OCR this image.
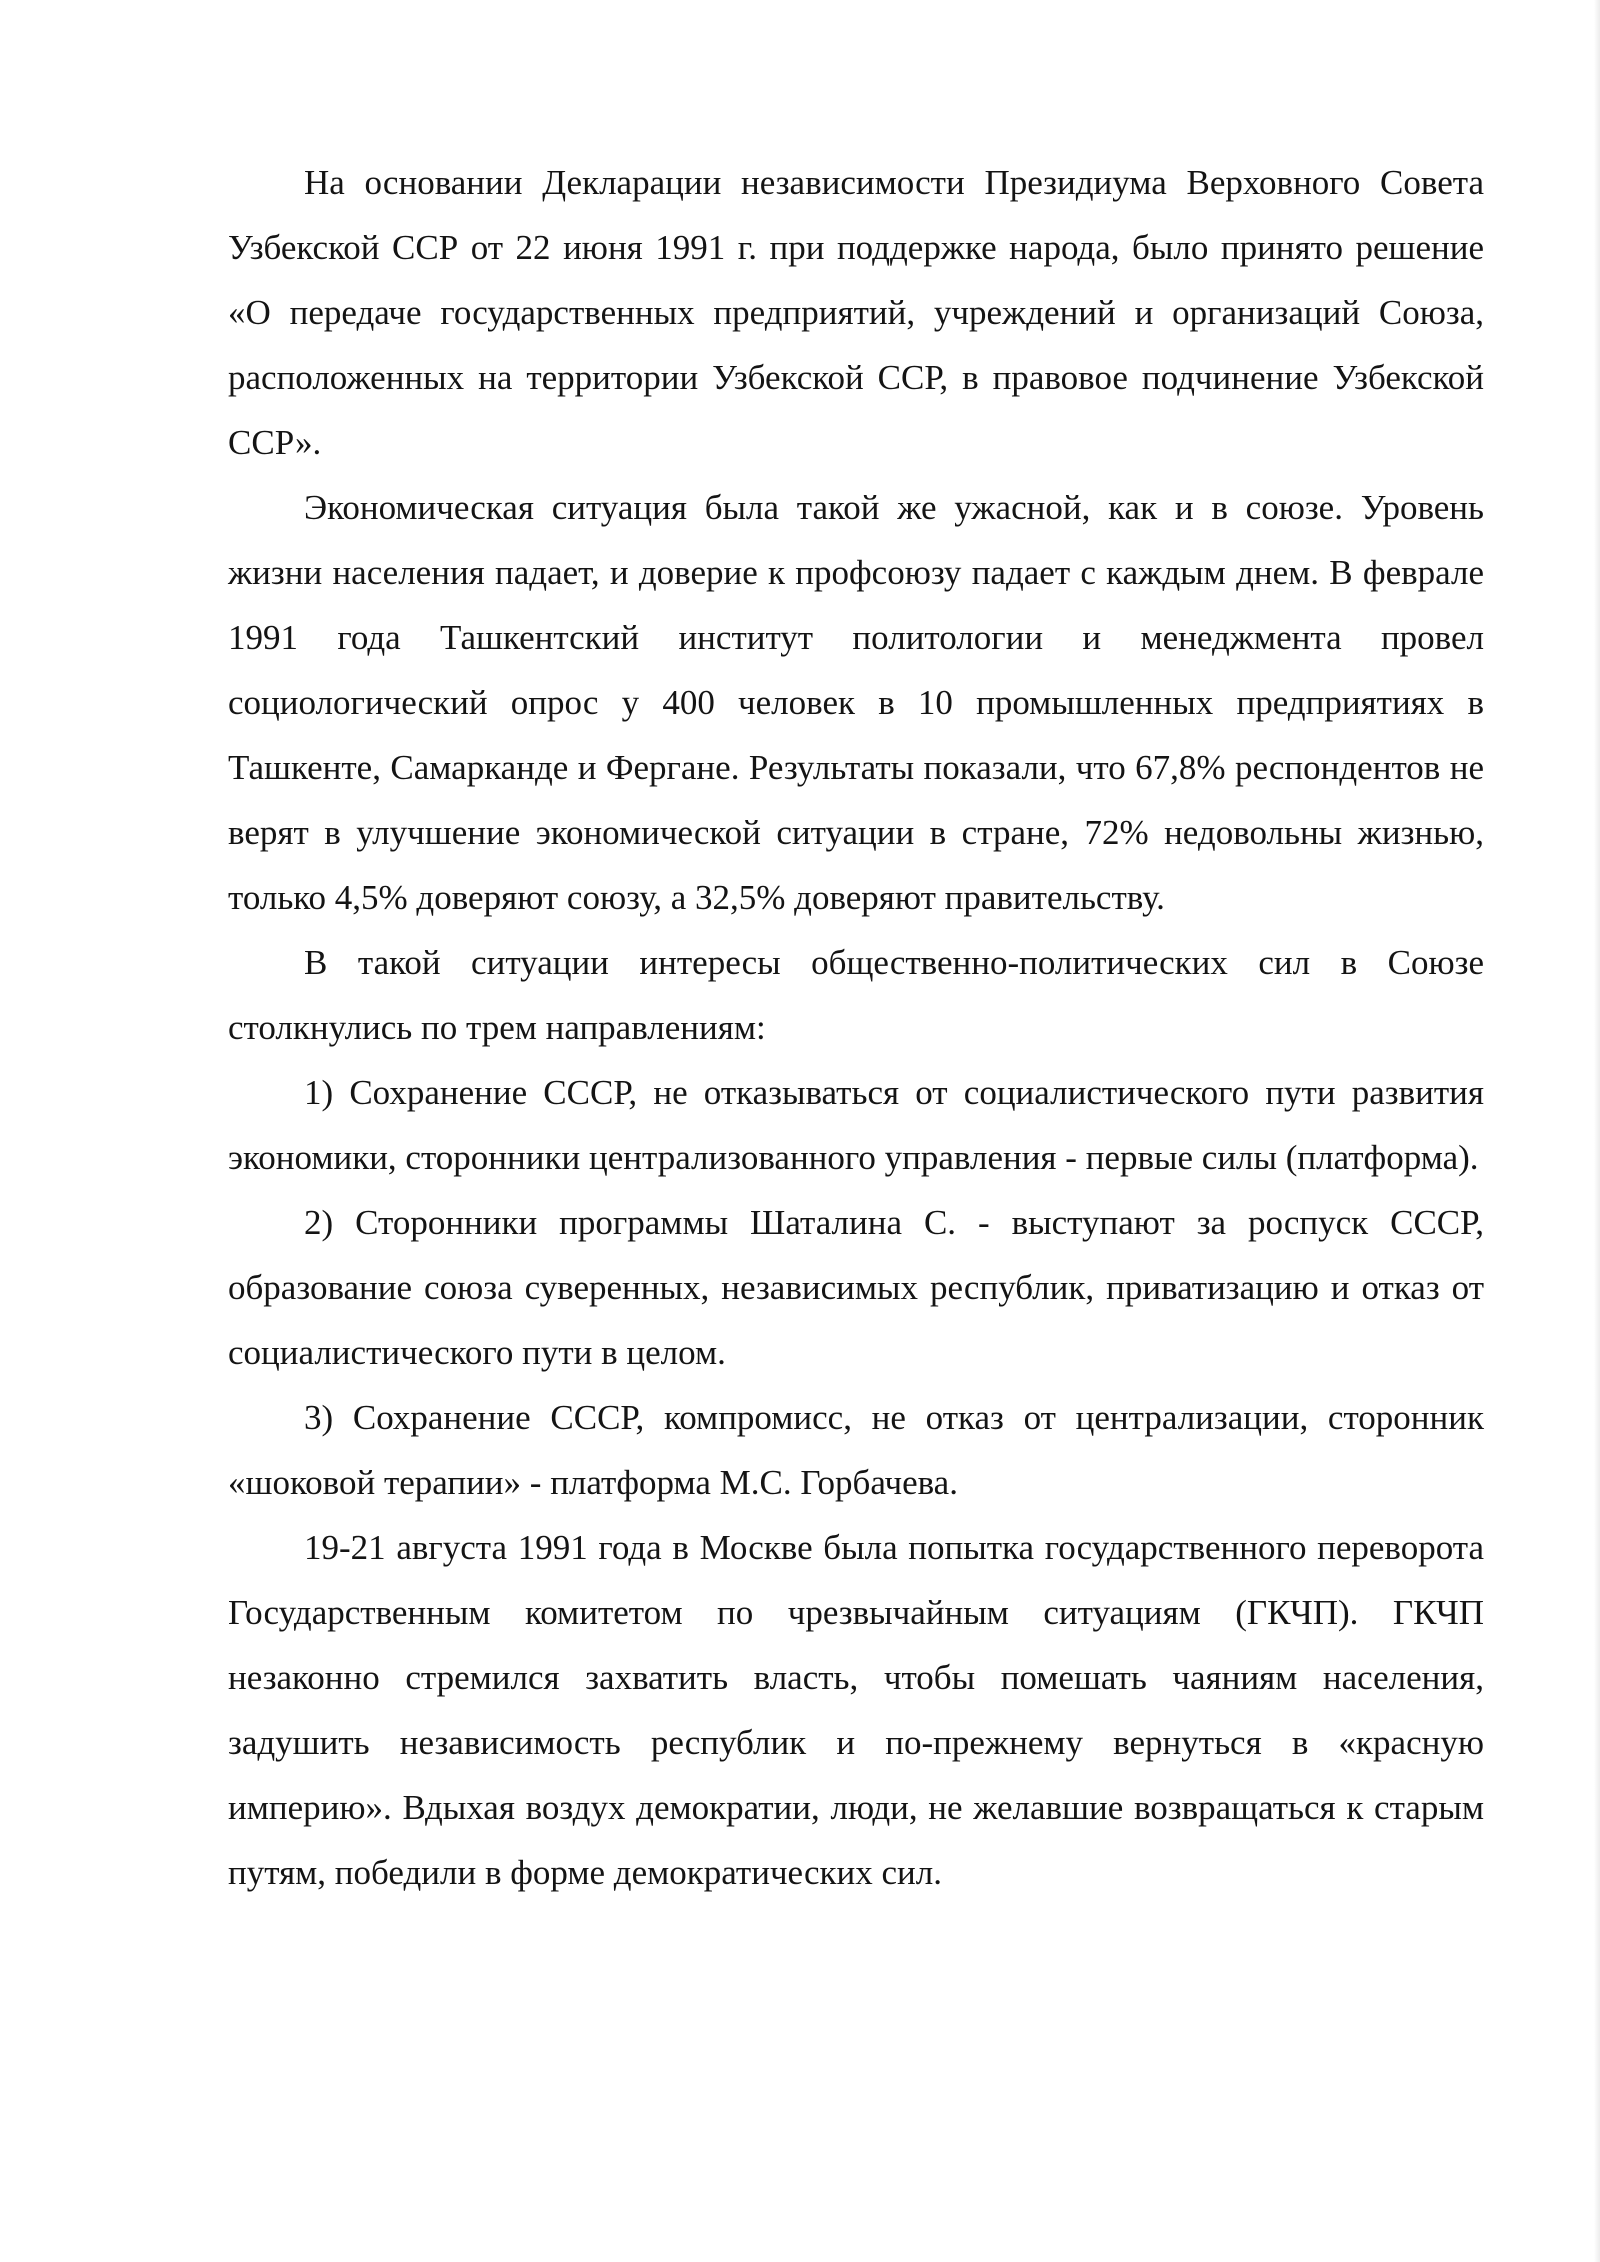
На основании Декларации независимости Президиума Верховного Совета Узбекской ССР от 22 июня 1991 г. при поддержке народа, было принято решение «О передаче государственных предприятий, учреждений и организаций Союза, расположенных на территории Узбекской ССР, в правовое подчинение Узбекской ССР».

Экономическая ситуация была такой же ужасной, как и в союзе. Уровень жизни населения падает, и доверие к профсоюзу падает с каждым днем. В феврале 1991 года Ташкентский институт политологии и менеджмента провел социологический опрос у 400 человек в 10 промышленных предприятиях в Ташкенте, Самарканде и Фергане. Результаты показали, что 67,8% респондентов не верят в улучшение экономической ситуации в стране, 72% недовольны жизнью, только 4,5% доверяют союзу, а 32,5% доверяют правительству.

В такой ситуации интересы общественно-политических сил в Союзе столкнулись по трем направлениям:

1) Сохранение СССР, не отказываться от социалистического пути развития экономики, сторонники централизованного управления - первые силы (платформа).

2) Сторонники программы Шаталина С. - выступают за роспуск СССР, образование союза суверенных, независимых республик, приватизацию и отказ от социалистического пути в целом.

3) Сохранение СССР, компромисс, не отказ от централизации, сторонник «шоковой терапии» - платформа М.С. Горбачева.

19-21 августа 1991 года в Москве была попытка государственного переворота Государственным комитетом по чрезвычайным ситуациям (ГКЧП). ГКЧП незаконно стремился захватить власть, чтобы помешать чаяниям населения, задушить независимость республик и по-прежнему вернуться в «красную империю». Вдыхая воздух демократии, люди, не желавшие возвращаться к старым путям, победили в форме демократических сил.
